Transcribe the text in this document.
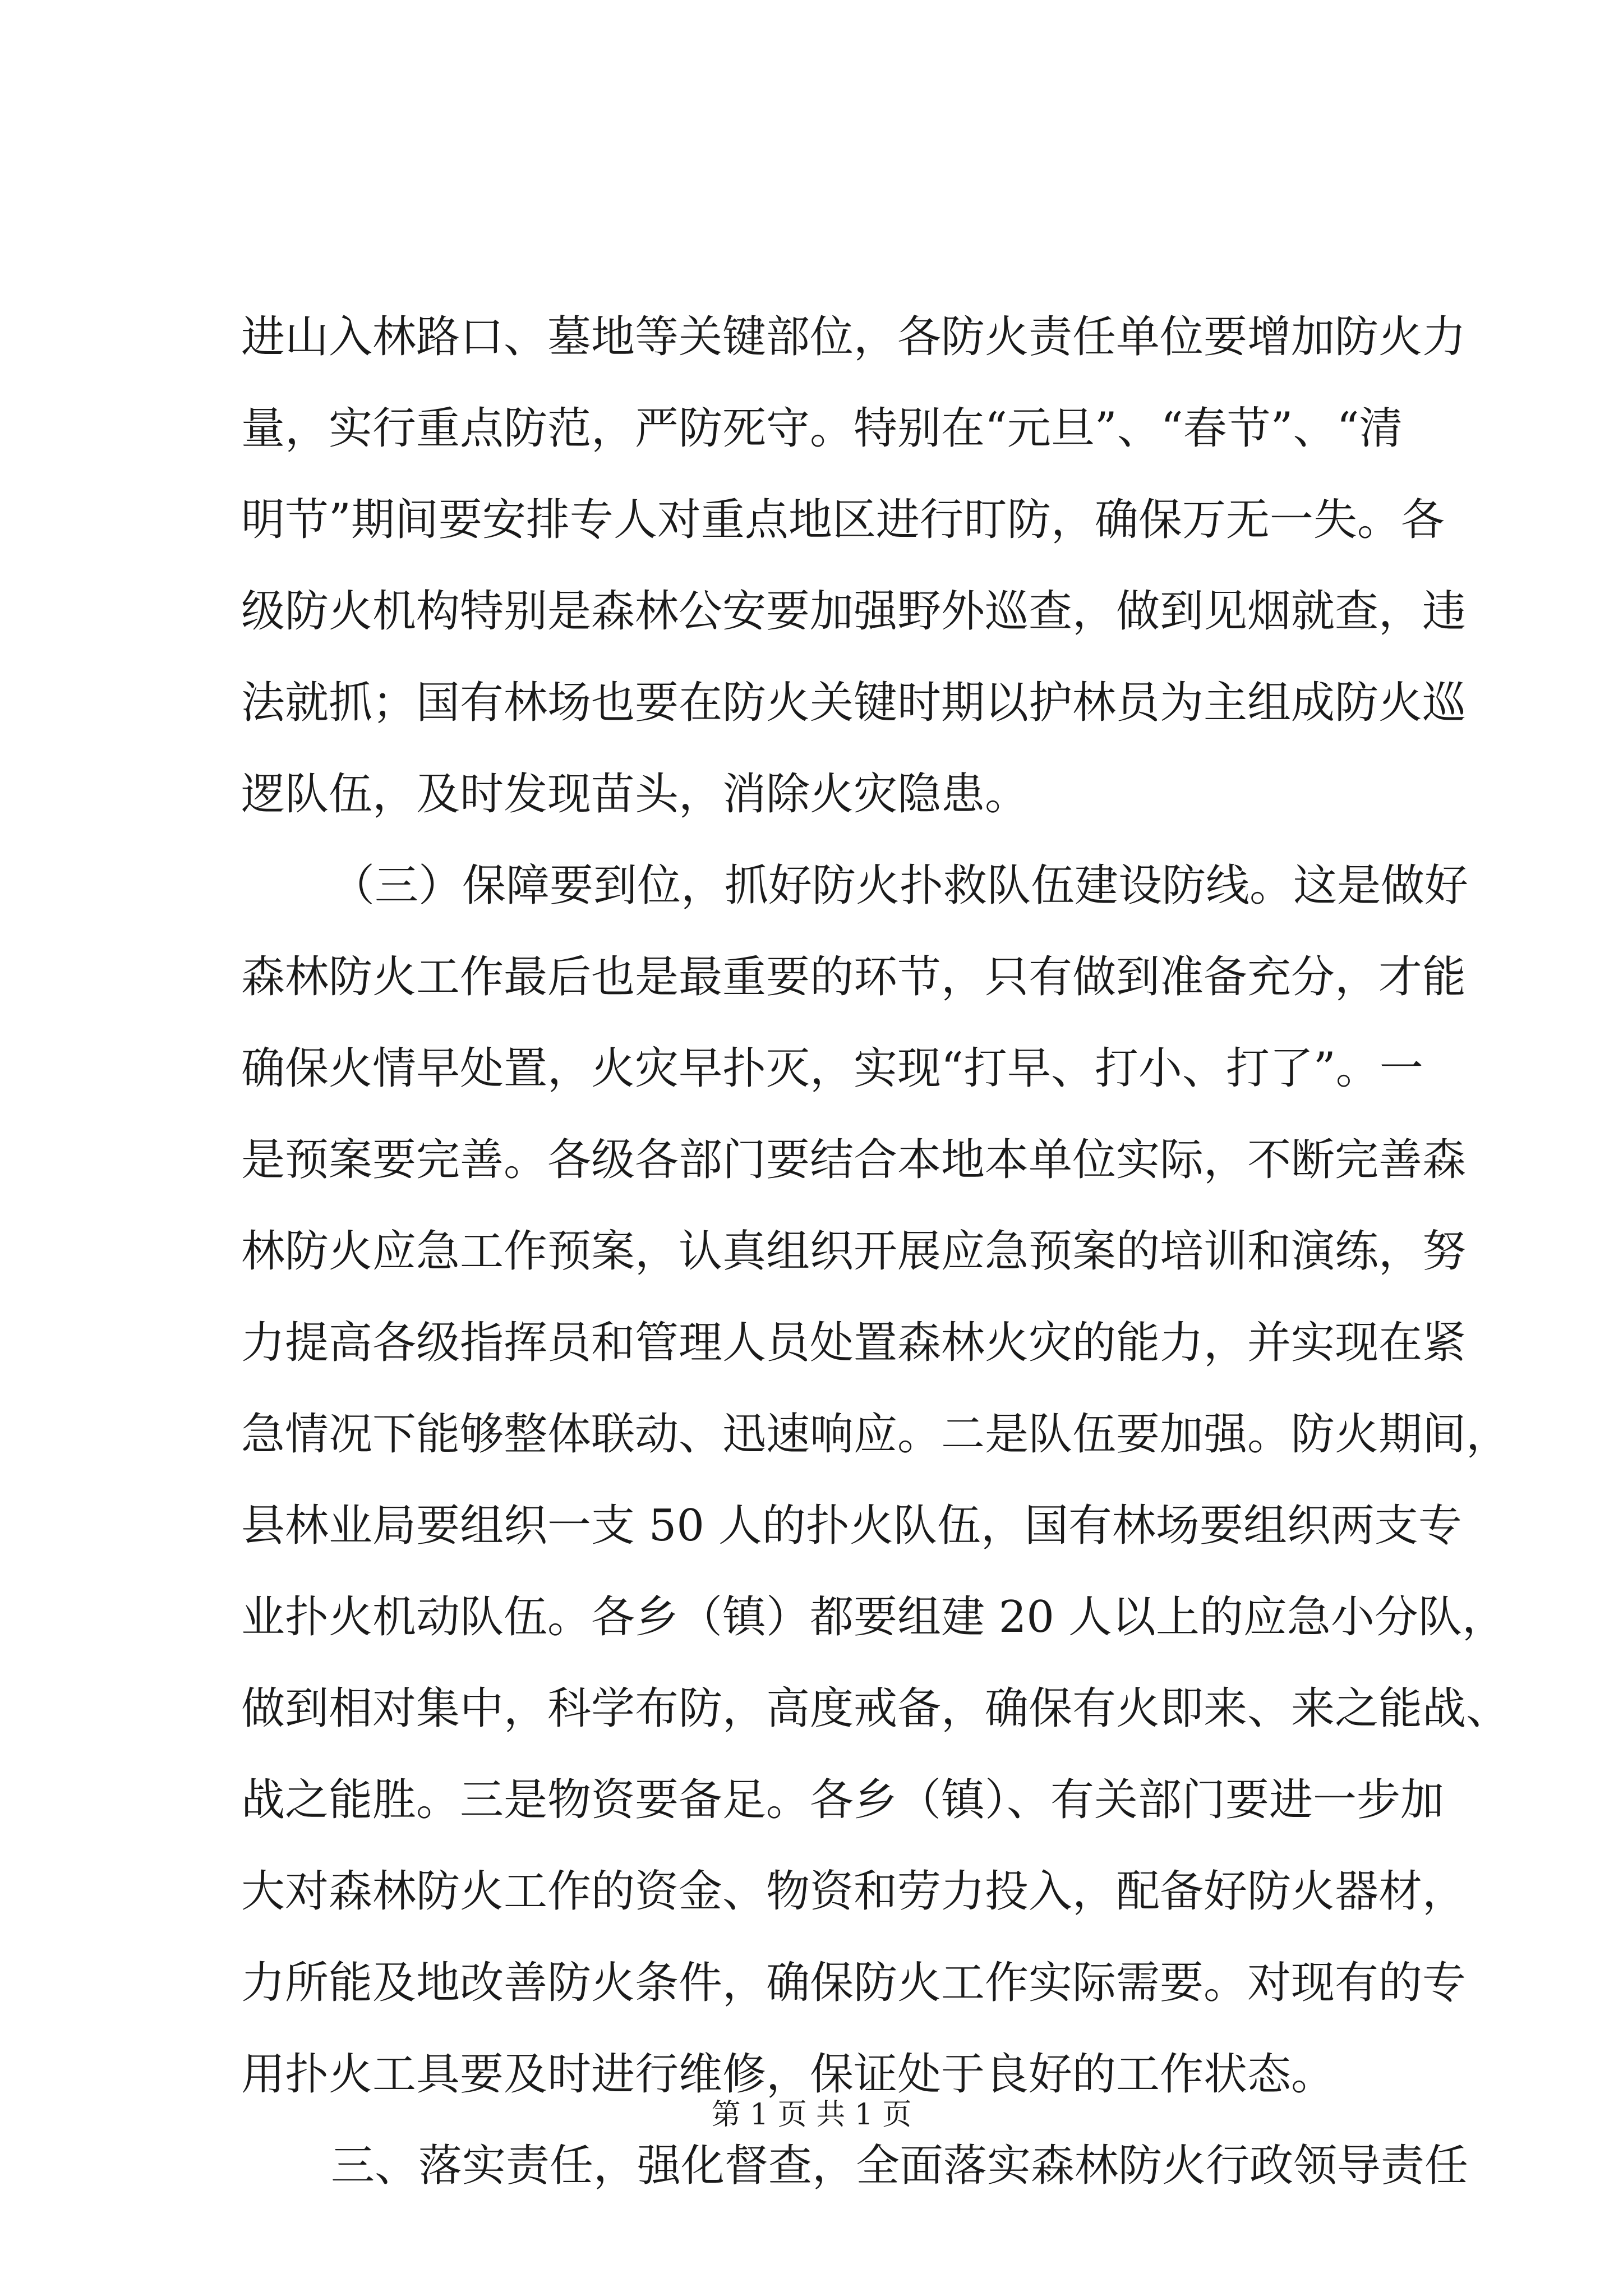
进山入林路口、墓地等关键部位，各防火责任单位要增加防火力
量，实行重点防范，严防死守。特别在“元旦”、“春节”、“清
明节”期间要安排专人对重点地区进行盯防，确保万无一失。各
级防火机构特别是森林公安要加强野外巡查，做到见烟就查，违
法就抓；国有林场也要在防火关键时期以护林员为主组成防火巡
逻队伍，及时发现苗头，消除火灾隐患。
（三）保障要到位，抓好防火扑救队伍建设防线。这是做好
森林防火工作最后也是最重要的环节，只有做到准备充分，才能
确保火情早处置，火灾早扑灭，实现“打早、打小、打了”。一
是预案要完善。各级各部门要结合本地本单位实际，不断完善森
林防火应急工作预案，认真组织开展应急预案的培训和演练，努
力提高各级指挥员和管理人员处置森林火灾的能力，并实现在紧
急情况下能够整体联动、迅速响应。二是队伍要加强。防火期间，
县林业局要组织一支 50 人的扑火队伍，国有林场要组织两支专
业扑火机动队伍。各乡（镇）都要组建 20 人以上的应急小分队，
做到相对集中，科学布防，高度戒备，确保有火即来、来之能战、
战之能胜。三是物资要备足。各乡（镇）、有关部门要进一步加
大对森林防火工作的资金、物资和劳力投入，配备好防火器材，
力所能及地改善防火条件，确保防火工作实际需要。对现有的专
用扑火工具要及时进行维修，保证处于良好的工作状态。
三、落实责任，强化督查，全面落实森林防火行政领导责任
第 1 页 共 1 页
